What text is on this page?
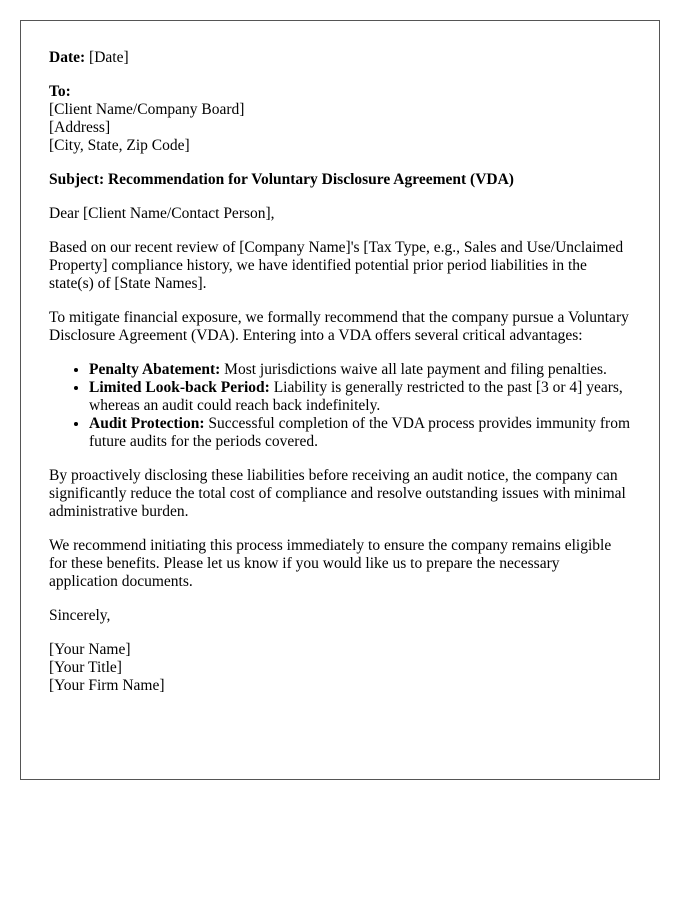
Date: [Date]
To:
[Client Name/Company Board]
[Address]
[City, State, Zip Code]
Subject: Recommendation for Voluntary Disclosure Agreement (VDA)
Dear [Client Name/Contact Person],
Based on our recent review of [Company Name]'s [Tax Type, e.g., Sales and Use/Unclaimed Property] compliance history, we have identified potential prior period liabilities in the state(s) of [State Names].
To mitigate financial exposure, we formally recommend that the company pursue a Voluntary Disclosure Agreement (VDA). Entering into a VDA offers several critical advantages:
• Penalty Abatement: Most jurisdictions waive all late payment and filing penalties.
• Limited Look-back Period: Liability is generally restricted to the past [3 or 4] years, whereas an audit could reach back indefinitely.
• Audit Protection: Successful completion of the VDA process provides immunity from future audits for the periods covered.
By proactively disclosing these liabilities before receiving an audit notice, the company can significantly reduce the total cost of compliance and resolve outstanding issues with minimal administrative burden.
We recommend initiating this process immediately to ensure the company remains eligible for these benefits. Please let us know if you would like us to prepare the necessary application documents.
Sincerely,
[Your Name]
[Your Title]
[Your Firm Name]
